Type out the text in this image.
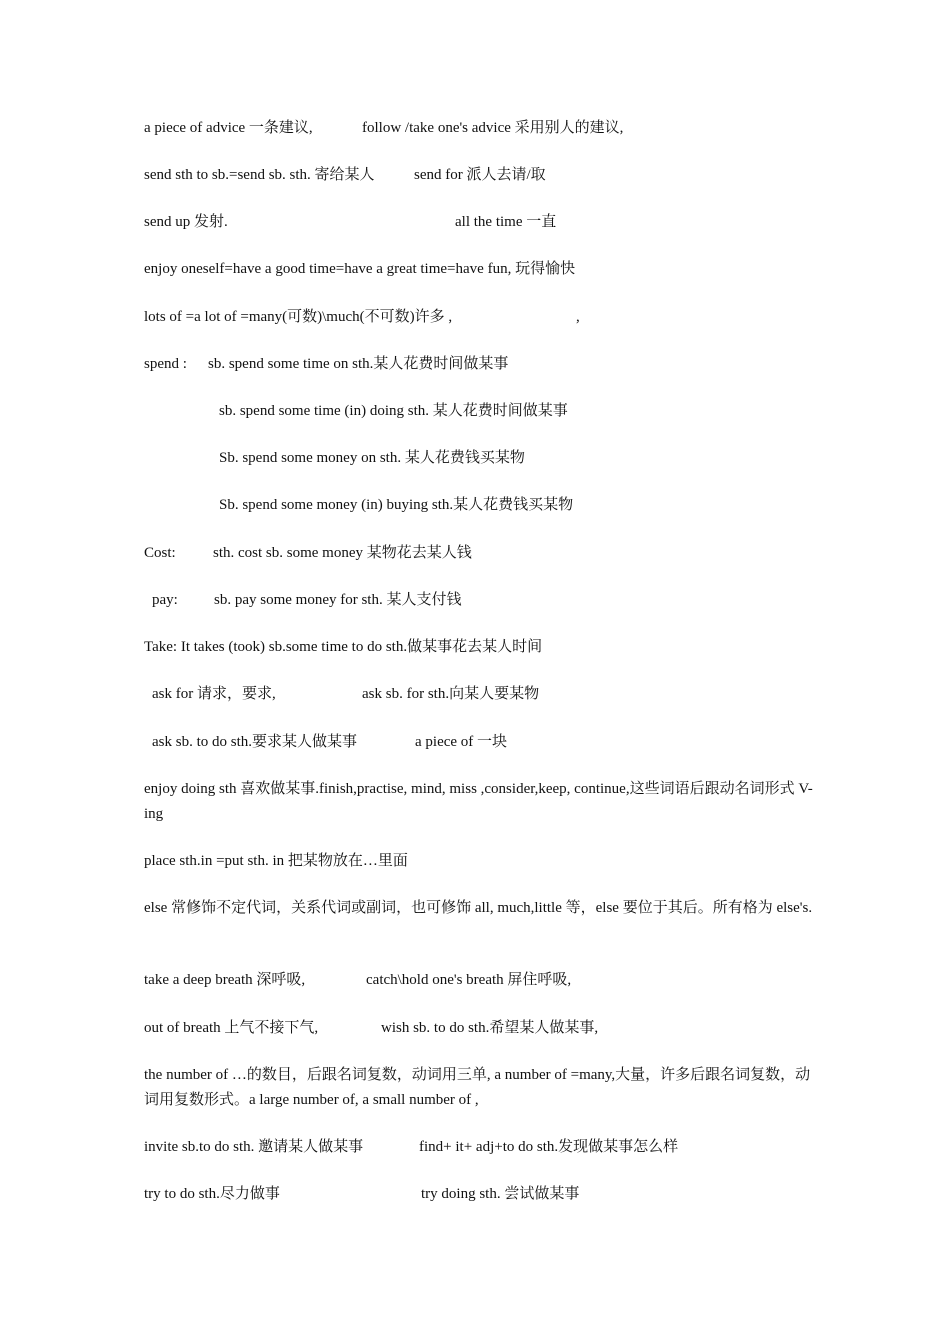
a piece of advice 一条建议,	follow /take one's advice 采用别人的建议,
send sth to sb.=send sb. sth. 寄给某人	send for 派人去请/取
send up 发射.	all the time 一直
enjoy oneself=have a good time=have a great time=have fun, 玩得愉快
lots of =a lot of =many(可数)\much(不可数)许多 ,	,
spend : sb. spend some time on sth.某人花费时间做某事
sb. spend some time (in) doing sth. 某人花费时间做某事
Sb. spend some money on sth. 某人花费钱买某物
Sb. spend some money (in) buying sth.某人花费钱买某物
Cost: sth. cost sb. some money 某物花去某人钱
pay: sb. pay some money for sth. 某人支付钱
Take: It takes (took) sb.some time to do sth.做某事花去某人时间
ask for 请求，要求,	ask sb. for sth.向某人要某物
ask sb. to do sth.要求某人做某事	a piece of 一块
enjoy doing sth 喜欢做某事.finish,practise, mind, miss ,consider,keep, continue,这些词语后跟动名词形式 V-ing
place sth.in =put sth. in 把某物放在…里面
else 常修饰不定代词，关系代词或副词，也可修饰 all, much,little 等，else 要位于其后。所有格为 else's.
take a deep breath 深呼吸,	catch\hold one's breath 屏住呼吸,
out of breath 上气不接下气,	wish sb. to do sth.希望某人做某事,
the number of …的数目，后跟名词复数，动词用三单, a number of =many,大量，许多后跟名词复数，动词用复数形式。a large number of, a small number of ,
invite sb.to do sth. 邀请某人做某事	find+ it+ adj+to do sth.发现做某事怎么样
try to do sth.尽力做事	try doing sth. 尝试做某事
